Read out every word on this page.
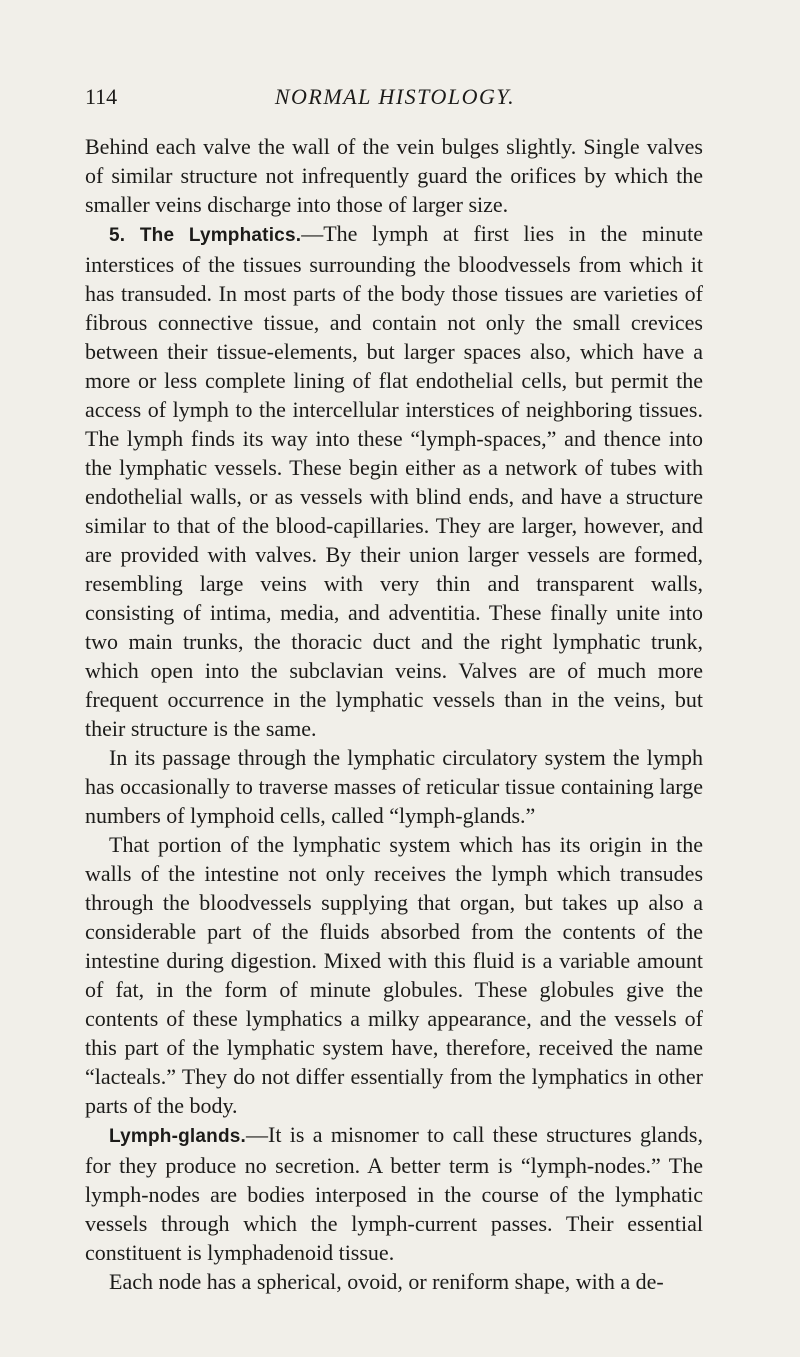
114	NORMAL HISTOLOGY.

Behind each valve the wall of the vein bulges slightly. Single valves of similar structure not infrequently guard the orifices by which the smaller veins discharge into those of larger size.

5. The Lymphatics.—The lymph at first lies in the minute interstices of the tissues surrounding the bloodvessels from which it has transuded. In most parts of the body those tissues are varieties of fibrous connective tissue, and contain not only the small crevices between their tissue-elements, but larger spaces also, which have a more or less complete lining of flat endothelial cells, but permit the access of lymph to the intercellular interstices of neighboring tissues. The lymph finds its way into these “lymph-spaces,” and thence into the lymphatic vessels. These begin either as a network of tubes with endothelial walls, or as vessels with blind ends, and have a structure similar to that of the blood-capillaries. They are larger, however, and are provided with valves. By their union larger vessels are formed, resembling large veins with very thin and transparent walls, consisting of intima, media, and adventitia. These finally unite into two main trunks, the thoracic duct and the right lymphatic trunk, which open into the subclavian veins. Valves are of much more frequent occurrence in the lymphatic vessels than in the veins, but their structure is the same.

In its passage through the lymphatic circulatory system the lymph has occasionally to traverse masses of reticular tissue containing large numbers of lymphoid cells, called “lymph-glands.”

That portion of the lymphatic system which has its origin in the walls of the intestine not only receives the lymph which transudes through the bloodvessels supplying that organ, but takes up also a considerable part of the fluids absorbed from the contents of the intestine during digestion. Mixed with this fluid is a variable amount of fat, in the form of minute globules. These globules give the contents of these lymphatics a milky appearance, and the vessels of this part of the lymphatic system have, therefore, received the name “lacteals.” They do not differ essentially from the lymphatics in other parts of the body.

Lymph-glands.—It is a misnomer to call these structures glands, for they produce no secretion. A better term is “lymph-nodes.” The lymph-nodes are bodies interposed in the course of the lymphatic vessels through which the lymph-current passes. Their essential constituent is lymphadenoid tissue.

Each node has a spherical, ovoid, or reniform shape, with a de-
